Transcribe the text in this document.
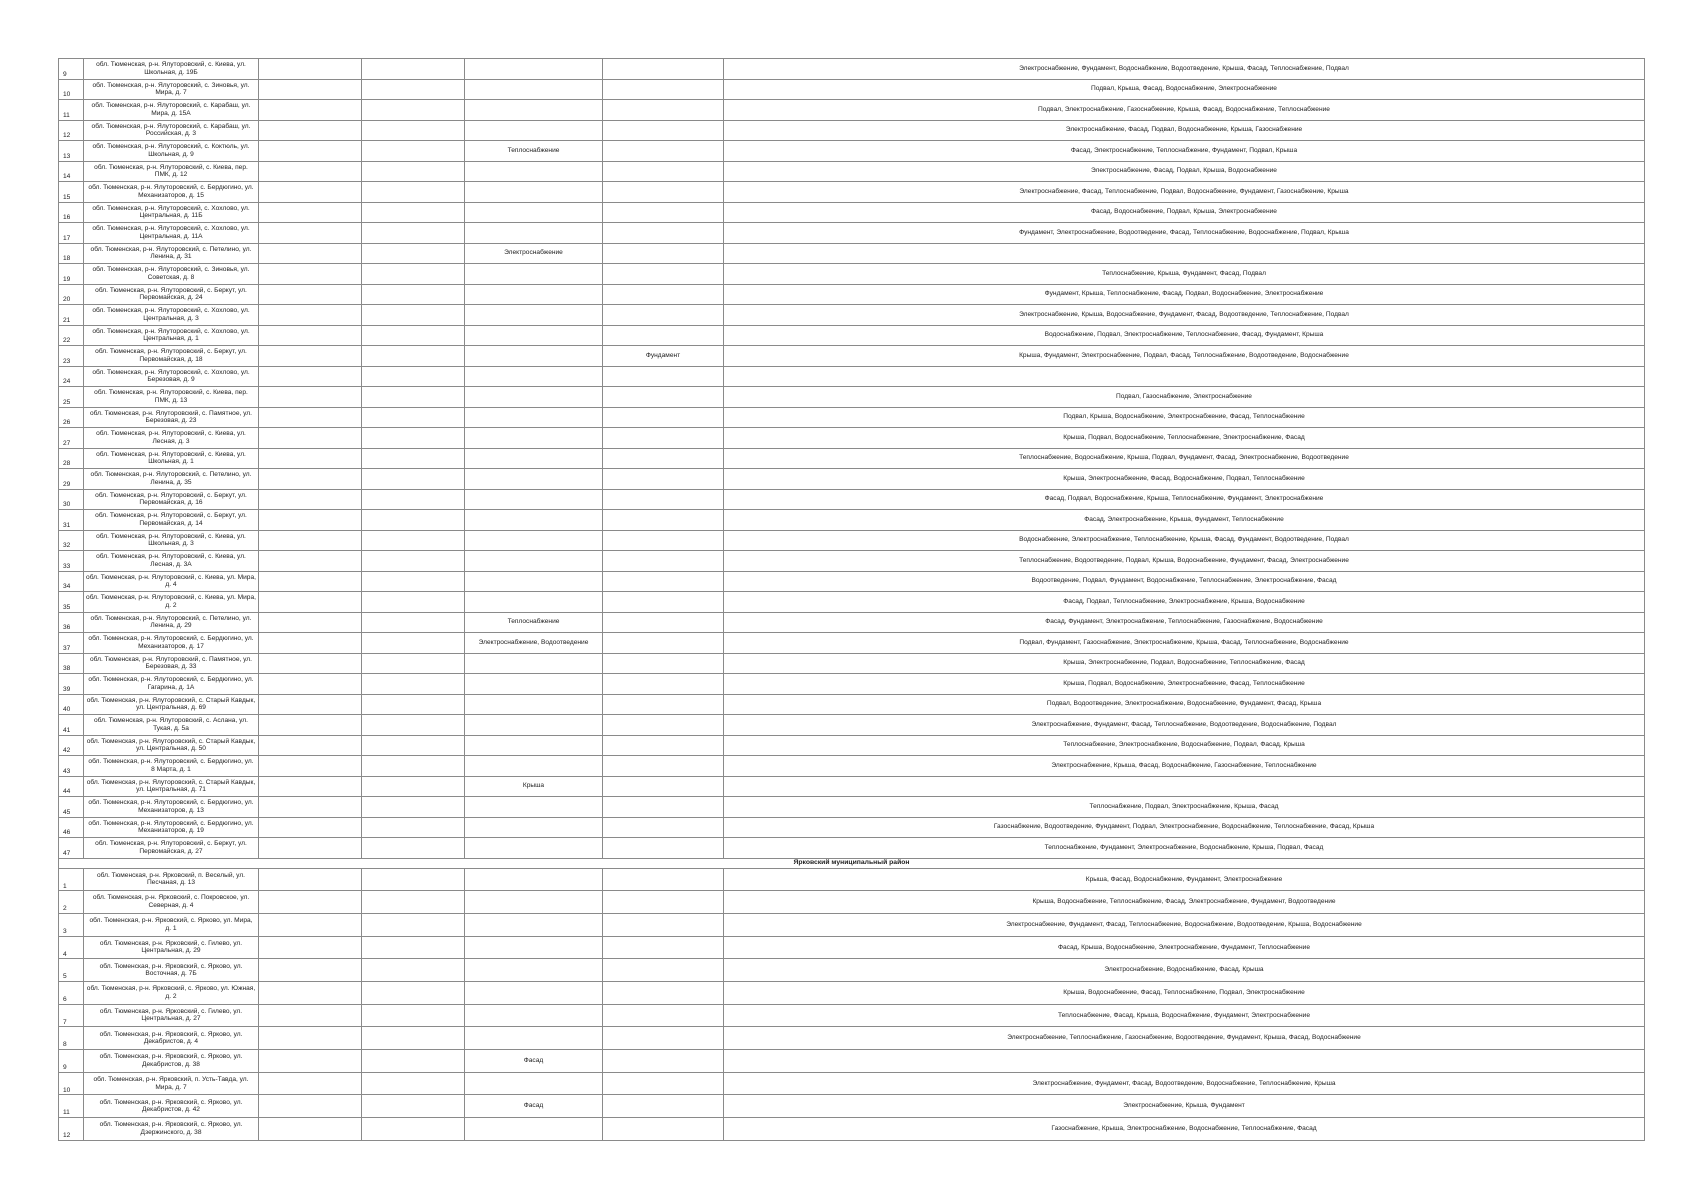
9	обл. Тюменская, р-н. Ялуторовский, с. Киева, ул. Школьная, д. 19Б					Электроснабжение, Фундамент, Водоснабжение, Водоотведение, Крыша, Фасад, Теплоснабжение, Подвал
10	обл. Тюменская, р-н. Ялуторовский, с. Зиновья, ул. Мира, д. 7					Подвал, Крыша, Фасад, Водоснабжение, Электроснабжение
11	обл. Тюменская, р-н. Ялуторовский, с. Карабаш, ул. Мира, д. 15А					Подвал, Электроснабжение, Газоснабжение, Крыша, Фасад, Водоснабжение, Теплоснабжение
12	обл. Тюменская, р-н. Ялуторовский, с. Карабаш, ул. Российская, д. 3					Электроснабжение, Фасад, Подвал, Водоснабжение, Крыша, Газоснабжение
13	обл. Тюменская, р-н. Ялуторовский, с. Коктюль, ул. Школьная, д. 9			Теплоснабжение		Фасад, Электроснабжение, Теплоснабжение, Фундамент, Подвал, Крыша
14	обл. Тюменская, р-н. Ялуторовский, с. Киева, пер. ПМК, д. 12					Электроснабжение, Фасад, Подвал, Крыша, Водоснабжение
15	обл. Тюменская, р-н. Ялуторовский, с. Бердюгино, ул. Механизаторов, д. 15					Электроснабжение, Фасад, Теплоснабжение, Подвал, Водоснабжение, Фундамент, Газоснабжение, Крыша
16	обл. Тюменская, р-н. Ялуторовский, с. Хохлово, ул. Центральная, д. 11Б					Фасад, Водоснабжение, Подвал, Крыша, Электроснабжение
17	обл. Тюменская, р-н. Ялуторовский, с. Хохлово, ул. Центральная, д. 11А					Фундамент, Электроснабжение, Водоотведение, Фасад, Теплоснабжение, Водоснабжение, Подвал, Крыша
18	обл. Тюменская, р-н. Ялуторовский, с. Петелино, ул. Ленина, д. 31			Электроснабжение		
19	обл. Тюменская, р-н. Ялуторовский, с. Зиновья, ул. Советская, д. 8					Теплоснабжение, Крыша, Фундамент, Фасад, Подвал
20	обл. Тюменская, р-н. Ялуторовский, с. Беркут, ул. Первомайская, д. 24					Фундамент, Крыша, Теплоснабжение, Фасад, Подвал, Водоснабжение, Электроснабжение
21	обл. Тюменская, р-н. Ялуторовский, с. Хохлово, ул. Центральная, д. 3					Электроснабжение, Крыша, Водоснабжение, Фундамент, Фасад, Водоотведение, Теплоснабжение, Подвал
22	обл. Тюменская, р-н. Ялуторовский, с. Хохлово, ул. Центральная, д. 1					Водоснабжение, Подвал, Электроснабжение, Теплоснабжение, Фасад, Фундамент, Крыша
23	обл. Тюменская, р-н. Ялуторовский, с. Беркут, ул. Первомайская, д. 18				Фундамент	Крыша, Фундамент, Электроснабжение, Подвал, Фасад, Теплоснабжение, Водоотведение, Водоснабжение
24	обл. Тюменская, р-н. Ялуторовский, с. Хохлово, ул. Березовая, д. 9					
25	обл. Тюменская, р-н. Ялуторовский, с. Киева, пер. ПМК, д. 13					Подвал, Газоснабжение, Электроснабжение
26	обл. Тюменская, р-н. Ялуторовский, с. Памятное, ул. Березовая, д. 23					Подвал, Крыша, Водоснабжение, Электроснабжение, Фасад, Теплоснабжение
27	обл. Тюменская, р-н. Ялуторовский, с. Киева, ул. Лесная, д. 3					Крыша, Подвал, Водоснабжение, Теплоснабжение, Электроснабжение, Фасад
28	обл. Тюменская, р-н. Ялуторовский, с. Киева, ул. Школьная, д. 1					Теплоснабжение, Водоснабжение, Крыша, Подвал, Фундамент, Фасад, Электроснабжение, Водоотведение
29	обл. Тюменская, р-н. Ялуторовский, с. Петелино, ул. Ленина, д. 35					Крыша, Электроснабжение, Фасад, Водоснабжение, Подвал, Теплоснабжение
30	обл. Тюменская, р-н. Ялуторовский, с. Беркут, ул. Первомайская, д. 16					Фасад, Подвал, Водоснабжение, Крыша, Теплоснабжение, Фундамент, Электроснабжение
31	обл. Тюменская, р-н. Ялуторовский, с. Беркут, ул. Первомайская, д. 14					Фасад, Электроснабжение, Крыша, Фундамент, Теплоснабжение
32	обл. Тюменская, р-н. Ялуторовский, с. Киева, ул. Школьная, д. 3					Водоснабжение, Электроснабжение, Теплоснабжение, Крыша, Фасад, Фундамент, Водоотведение, Подвал
33	обл. Тюменская, р-н. Ялуторовский, с. Киева, ул. Лесная, д. 3А					Теплоснабжение, Водоотведение, Подвал, Крыша, Водоснабжение, Фундамент, Фасад, Электроснабжение
34	обл. Тюменская, р-н. Ялуторовский, с. Киева, ул. Мира, д. 4					Водоотведение, Подвал, Фундамент, Водоснабжение, Теплоснабжение, Электроснабжение, Фасад
35	обл. Тюменская, р-н. Ялуторовский, с. Киева, ул. Мира, д. 2					Фасад, Подвал, Теплоснабжение, Электроснабжение, Крыша, Водоснабжение
36	обл. Тюменская, р-н. Ялуторовский, с. Петелино, ул. Ленина, д. 29			Теплоснабжение		Фасад, Фундамент, Электроснабжение, Теплоснабжение, Газоснабжение, Водоснабжение
37	обл. Тюменская, р-н. Ялуторовский, с. Бердюгино, ул. Механизаторов, д. 17			Электроснабжение, Водоотведение		Подвал, Фундамент, Газоснабжение, Электроснабжение, Крыша, Фасад, Теплоснабжение, Водоснабжение
38	обл. Тюменская, р-н. Ялуторовский, с. Памятное, ул. Березовая, д. 33					Крыша, Электроснабжение, Подвал, Водоснабжение, Теплоснабжение, Фасад
39	обл. Тюменская, р-н. Ялуторовский, с. Бердюгино, ул. Гагарина, д. 1А					Крыша, Подвал, Водоснабжение, Электроснабжение, Фасад, Теплоснабжение
40	обл. Тюменская, р-н. Ялуторовский, с. Старый Кавдык, ул. Центральная, д. 69					Подвал, Водоотведение, Электроснабжение, Водоснабжение, Фундамент, Фасад, Крыша
41	обл. Тюменская, р-н. Ялуторовский, с. Аслана, ул. Тукая, д. 5а					Электроснабжение, Фундамент, Фасад, Теплоснабжение, Водоотведение, Водоснабжение, Подвал
42	обл. Тюменская, р-н. Ялуторовский, с. Старый Кавдык, ул. Центральная, д. 50					Теплоснабжение, Электроснабжение, Водоснабжение, Подвал, Фасад, Крыша
43	обл. Тюменская, р-н. Ялуторовский, с. Бердюгино, ул. 8 Марта, д. 1					Электроснабжение, Крыша, Фасад, Водоснабжение, Газоснабжение, Теплоснабжение
44	обл. Тюменская, р-н. Ялуторовский, с. Старый Кавдык, ул. Центральная, д. 71			Крыша		
45	обл. Тюменская, р-н. Ялуторовский, с. Бердюгино, ул. Механизаторов, д. 13					Теплоснабжение, Подвал, Электроснабжение, Крыша, Фасад
46	обл. Тюменская, р-н. Ялуторовский, с. Бердюгино, ул. Механизаторов, д. 19					Газоснабжение, Водоотведение, Фундамент, Подвал, Электроснабжение, Водоснабжение, Теплоснабжение, Фасад, Крыша
47	обл. Тюменская, р-н. Ялуторовский, с. Беркут, ул. Первомайская, д. 27					Теплоснабжение, Фундамент, Электроснабжение, Водоснабжение, Крыша, Подвал, Фасад
Ярковский муниципальный район						
1	обл. Тюменская, р-н. Ярковский, п. Веселый, ул. Песчаная, д. 13					Крыша, Фасад, Водоснабжение, Фундамент, Электроснабжение
2	обл. Тюменская, р-н. Ярковский, с. Покровское, ул. Северная, д. 4					Крыша, Водоснабжение, Теплоснабжение, Фасад, Электроснабжение, Фундамент, Водоотведение
3	обл. Тюменская, р-н. Ярковский, с. Ярково, ул. Мира, д. 1					Электроснабжение, Фундамент, Фасад, Теплоснабжение, Водоснабжение, Водоотведение, Крыша, Водоснабжение
4	обл. Тюменская, р-н. Ярковский, с. Гилево, ул. Центральная, д. 29					Фасад, Крыша, Водоснабжение, Электроснабжение, Фундамент, Теплоснабжение
5	обл. Тюменская, р-н. Ярковский, с. Ярково, ул. Восточная, д. 7Б					Электроснабжение, Водоснабжение, Фасад, Крыша
6	обл. Тюменская, р-н. Ярковский, с. Ярково, ул. Южная, д. 2					Крыша, Водоснабжение, Фасад, Теплоснабжение, Подвал, Электроснабжение
7	обл. Тюменская, р-н. Ярковский, с. Гилево, ул. Центральная, д. 27					Теплоснабжение, Фасад, Крыша, Водоснабжение, Фундамент, Электроснабжение
8	обл. Тюменская, р-н. Ярковский, с. Ярково, ул. Декабристов, д. 4					Электроснабжение, Теплоснабжение, Газоснабжение, Водоотведение, Фундамент, Крыша, Фасад, Водоснабжение
9	обл. Тюменская, р-н. Ярковский, с. Ярково, ул. Декабристов, д. 38			Фасад		
10	обл. Тюменская, р-н. Ярковский, п. Усть-Тавда, ул. Мира, д. 7					Электроснабжение, Фундамент, Фасад, Водоотведение, Водоснабжение, Теплоснабжение, Крыша
11	обл. Тюменская, р-н. Ярковский, с. Ярково, ул. Декабристов, д. 42			Фасад		Электроснабжение, Крыша, Фундамент
12	обл. Тюменская, р-н. Ярковский, с. Ярково, ул. Дзержинского, д. 38					Газоснабжение, Крыша, Электроснабжение, Водоснабжение, Теплоснабжение, Фасад
